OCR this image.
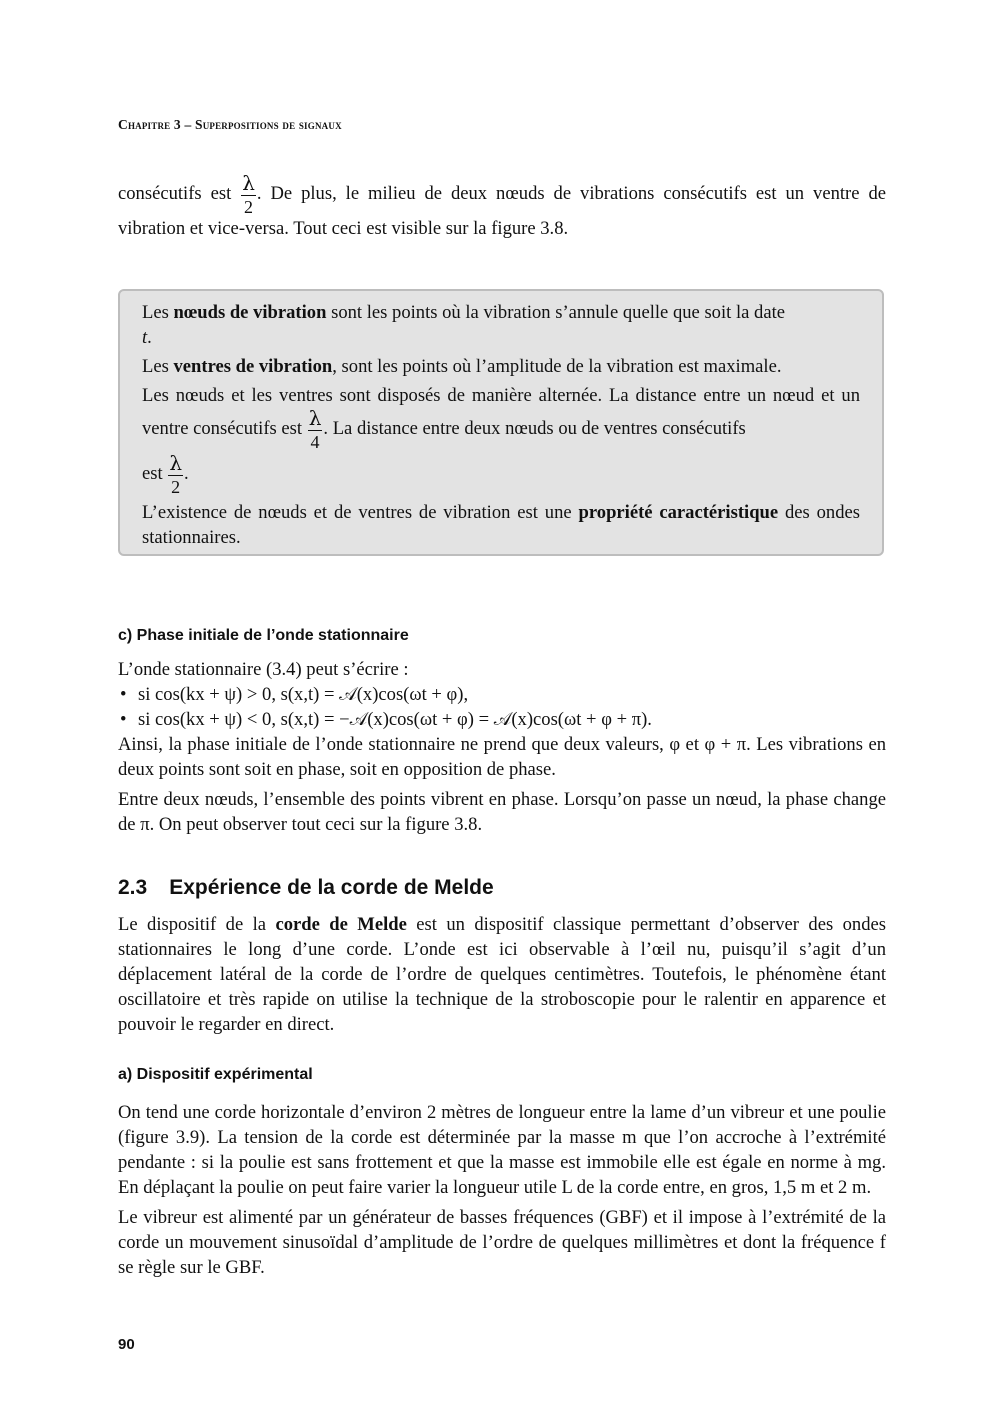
Chapitre 3 – Superpositions de signaux

consécutifs est $\frac{\lambda}{2}$ . De plus, le milieu de deux nœuds de vibrations consécutifs est un ventre de vibration et vice-versa. Tout ceci est visible sur la figure 3.8.

Les nœuds de vibration sont les points où la vibration s’annule quelle que soit la date
t.

Les ventres de vibration, sont les points où l’amplitude de la vibration est maximale.

Les nœuds et les ventres sont disposés de manière alternée. La distance entre un nœud et un ventre consécutifs est $\frac{\lambda}{4}$ . La distance entre deux nœuds ou de ventres consécutifs

est $\frac{\lambda}{2}$ .

L’existence de nœuds et de ventres de vibration est une propriété caractéristique des ondes stationnaires.

c) Phase initiale de l’onde stationnaire

L’onde stationnaire (3.4) peut s’écrire :

• si cos(kx + ψ) > 0, s(x,t) = 𝒜(x)cos(ωt + φ),
• si cos(kx + ψ) < 0, s(x,t) = −𝒜(x)cos(ωt + φ) = 𝒜(x)cos(ωt + φ + π).

Ainsi, la phase initiale de l’onde stationnaire ne prend que deux valeurs, φ et φ + π. Les vibrations en deux points sont soit en phase, soit en opposition de phase.

Entre deux nœuds, l’ensemble des points vibrent en phase. Lorsqu’on passe un nœud, la phase change de π. On peut observer tout ceci sur la figure 3.8.

2.3 Expérience de la corde de Melde

Le dispositif de la corde de Melde est un dispositif classique permettant d’observer des ondes stationnaires le long d’une corde. L’onde est ici observable à l’œil nu, puisqu’il s’agit d’un déplacement latéral de la corde de l’ordre de quelques centimètres. Toutefois, le phénomène étant oscillatoire et très rapide on utilise la technique de la stroboscopie pour le ralentir en apparence et pouvoir le regarder en direct.

a) Dispositif expérimental

On tend une corde horizontale d’environ 2 mètres de longueur entre la lame d’un vibreur et une poulie (figure 3.9). La tension de la corde est déterminée par la masse m que l’on accroche à l’extrémité pendante : si la poulie est sans frottement et que la masse est immobile elle est égale en norme à mg. En déplaçant la poulie on peut faire varier la longueur utile L de la corde entre, en gros, 1,5 m et 2 m.

Le vibreur est alimenté par un générateur de basses fréquences (GBF) et il impose à l’extrémité de la corde un mouvement sinusoïdal d’amplitude de l’ordre de quelques millimètres et dont la fréquence f se règle sur le GBF.

90
